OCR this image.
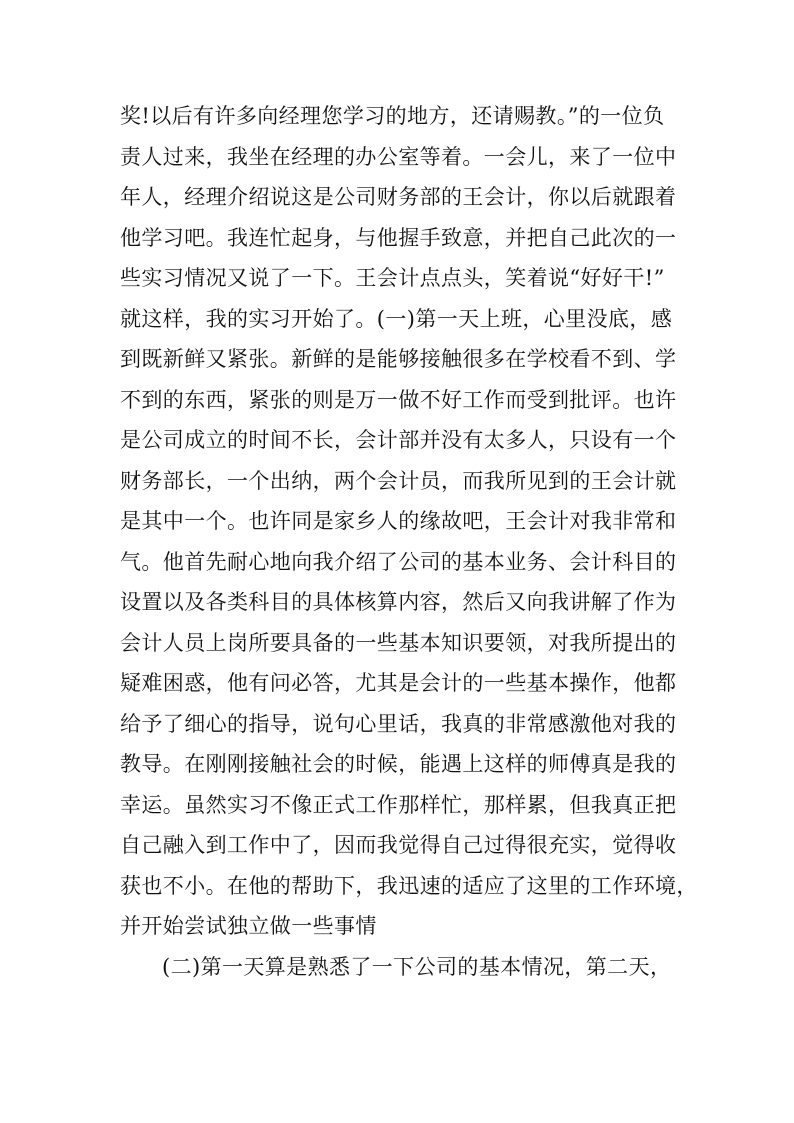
奖!以后有许多向经理您学习的地方，还请赐教。”的一位负
责人过来，我坐在经理的办公室等着。一会儿，来了一位中
年人，经理介绍说这是公司财务部的王会计，你以后就跟着
他学习吧。我连忙起身，与他握手致意，并把自己此次的一
些实习情况又说了一下。王会计点点头，笑着说“好好干!”
就这样，我的实习开始了。(一)第一天上班，心里没底，感
到既新鲜又紧张。新鲜的是能够接触很多在学校看不到、学
不到的东西，紧张的则是万一做不好工作而受到批评。也许
是公司成立的时间不长，会计部并没有太多人，只设有一个
财务部长，一个出纳，两个会计员，而我所见到的王会计就
是其中一个。也许同是家乡人的缘故吧，王会计对我非常和
气。他首先耐心地向我介绍了公司的基本业务、会计科目的
设置以及各类科目的具体核算内容，然后又向我讲解了作为
会计人员上岗所要具备的一些基本知识要领，对我所提出的
疑难困惑，他有问必答，尤其是会计的一些基本操作，他都
给予了细心的指导，说句心里话，我真的非常感激他对我的
教导。在刚刚接触社会的时候，能遇上这样的师傅真是我的
幸运。虽然实习不像正式工作那样忙，那样累，但我真正把
自己融入到工作中了，因而我觉得自己过得很充实，觉得收
获也不小。在他的帮助下，我迅速的适应了这里的工作环境，
并开始尝试独立做一些事情
(二)第一天算是熟悉了一下公司的基本情况，第二天，
